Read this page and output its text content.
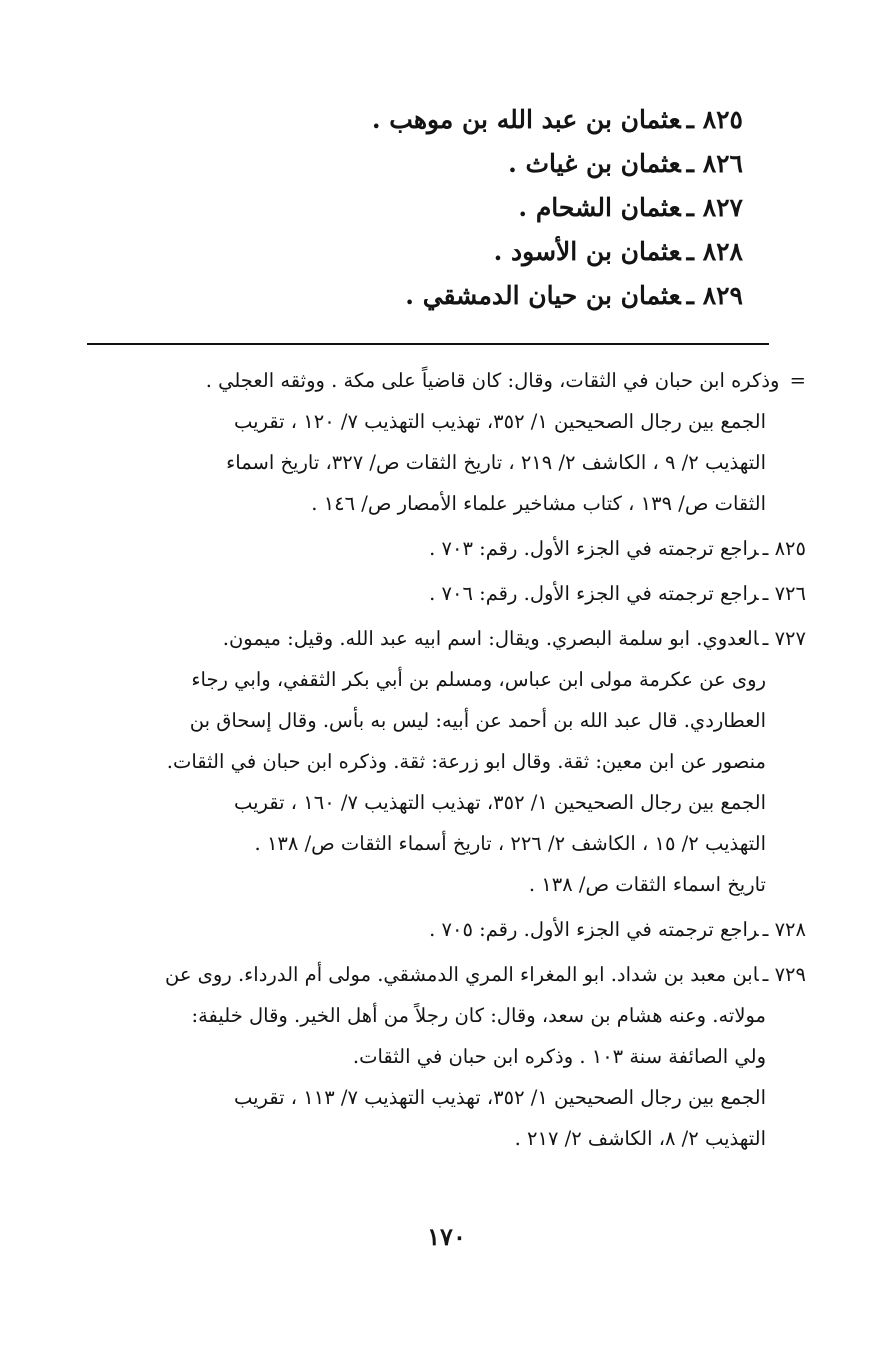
٨٢٥ ـعثمان بن عبد الله بن موهب .
٨٢٦ ـعثمان بن غياث .
٨٢٧ ـعثمان الشحام .
٨٢٨ ـعثمان بن الأسود .
٨٢٩ ـعثمان بن حيان الدمشقي .

= وذكره ابن حبان في الثقات، وقال: كان قاضياً على مكة . ووثقه العجلي .

الجمع بين رجال الصحيحين ١/ ٣٥٢، تهذيب التهذيب ٧/ ١٢٠ ، تقريب

التهذيب ٢/ ٩ ، الكاشف ٢/ ٢١٩ ، تاريخ الثقات ص/ ٣٢٧، تاريخ اسماء

الثقات ص/ ١٣٩ ، كتاب مشاخير علماء الأمصار ص/ ١٤٦ .

٨٢٥ ـراجع ترجمته في الجزء الأول. رقم: ٧٠٣ .

٧٢٦ ـراجع ترجمته في الجزء الأول. رقم: ٧٠٦ .

٧٢٧ ـالعدوي. ابو سلمة البصري. ويقال: اسم ابيه عبد الله. وقيل: ميمون.

روى عن عكرمة مولى ابن عباس، ومسلم بن أبي بكر الثقفي، وابي رجاء

العطاردي. قال عبد الله بن أحمد عن أبيه: ليس به بأس. وقال إسحاق بن

منصور عن ابن معين: ثقة. وقال ابو زرعة: ثقة. وذكره ابن حبان في الثقات.

الجمع بين رجال الصحيحين ١/ ٣٥٢، تهذيب التهذيب ٧/ ١٦٠ ، تقريب

التهذيب ٢/ ١٥ ، الكاشف ٢/ ٢٢٦ ، تاريخ أسماء الثقات ص/ ١٣٨ .

تاريخ اسماء الثقات ص/ ١٣٨ .

٧٢٨ ـراجع ترجمته في الجزء الأول. رقم: ٧٠٥ .

٧٢٩ ـابن معبد بن شداد. ابو المغراء المري الدمشقي. مولى أم الدرداء. روى عن

مولاته. وعنه هشام بن سعد، وقال: كان رجلاً من أهل الخير. وقال خليفة:

ولي الصائفة سنة ١٠٣ . وذكره ابن حبان في الثقات.

الجمع بين رجال الصحيحين ١/ ٣٥٢، تهذيب التهذيب ٧/ ١١٣ ، تقريب

التهذيب ٢/ ٨، الكاشف ٢/ ٢١٧ .

١٧٠
